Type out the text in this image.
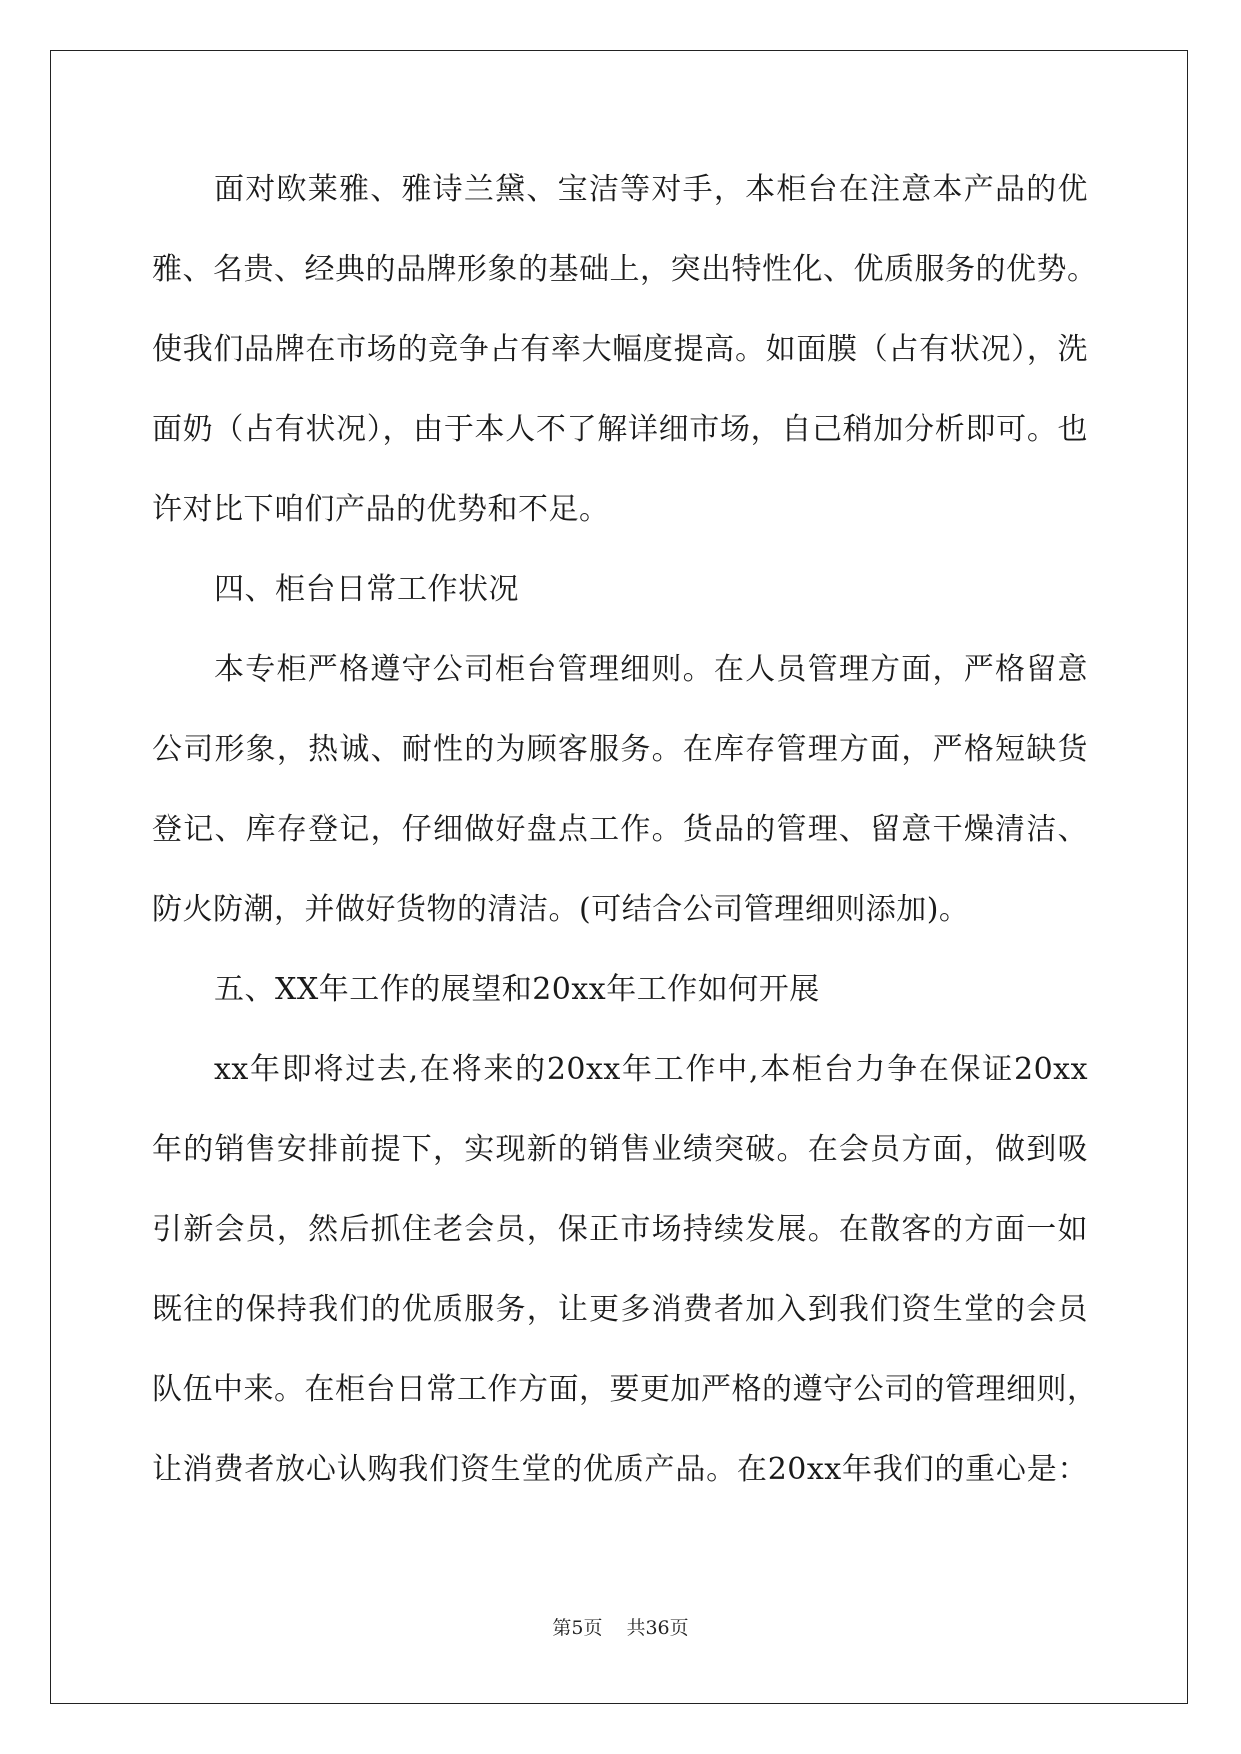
面对欧莱雅、雅诗兰黛、宝洁等对手，本柜台在注意本产品的优
雅、名贵、经典的品牌形象的基础上，突出特性化、优质服务的优势。
使我们品牌在市场的竞争占有率大幅度提高。如面膜（占有状况），洗
面奶（占有状况），由于本人不了解详细市场，自己稍加分析即可。也
许对比下咱们产品的优势和不足。
四、柜台日常工作状况
本专柜严格遵守公司柜台管理细则。在人员管理方面，严格留意
公司形象，热诚、耐性的为顾客服务。在库存管理方面，严格短缺货
登记、库存登记，仔细做好盘点工作。货品的管理、留意干燥清洁、
防火防潮，并做好货物的清洁。(可结合公司管理细则添加)。
五、XX年工作的展望和20xx年工作如何开展
xx年即将过去,在将来的20xx年工作中,本柜台力争在保证20xx
年的销售安排前提下，实现新的销售业绩突破。在会员方面，做到吸
引新会员，然后抓住老会员，保正市场持续发展。在散客的方面一如
既往的保持我们的优质服务，让更多消费者加入到我们资生堂的会员
队伍中来。在柜台日常工作方面，要更加严格的遵守公司的管理细则，
让消费者放心认购我们资生堂的优质产品。在20xx年我们的重心是：
第5页 共36页
